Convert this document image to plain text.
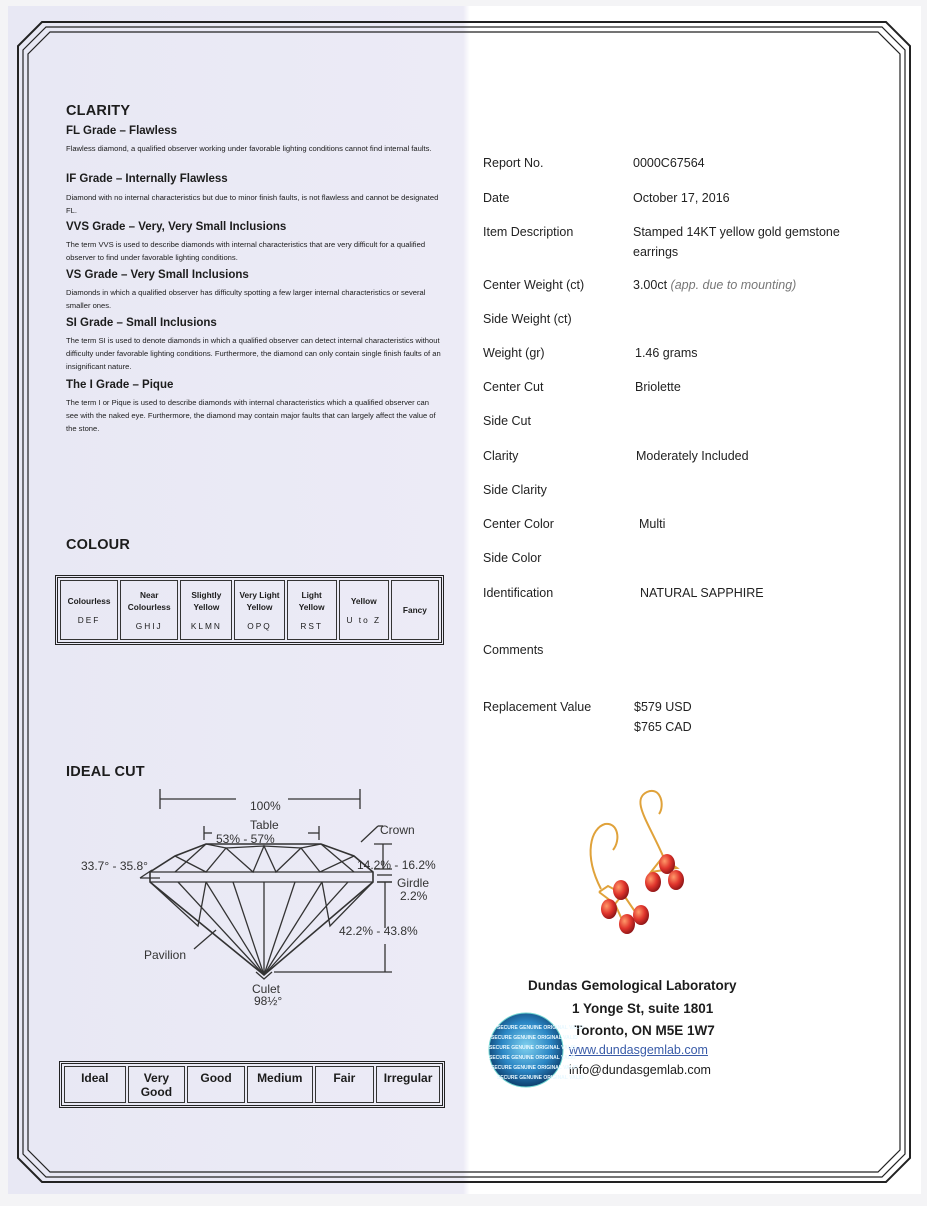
CLARITY
FL Grade – Flawless
Flawless diamond, a qualified observer working under favorable lighting conditions cannot find internal faults.
IF Grade – Internally Flawless
Diamond with no internal characteristics but due to minor finish faults, is not flawless and cannot be designated FL.
VVS Grade – Very, Very Small Inclusions
The term VVS is used to describe diamonds with internal characteristics that are very difficult for a qualified observer to find under favorable lighting conditions.
VS Grade – Very Small Inclusions
Diamonds in which a qualified observer has difficulty spotting a few larger internal characteristics or several smaller ones.
SI Grade – Small Inclusions
The term SI is used to denote diamonds in which a qualified observer can detect internal characteristics without difficulty under favorable lighting conditions. Furthermore, the diamond can only contain single finish faults of an insignificant nature.
The I Grade – Pique
The term I or Pique is used to describe diamonds with internal characteristics which a qualified observer can see with the naked eye. Furthermore, the diamond may contain major faults that can largely affect the value of the stone.
COLOUR
Colourless
DEF

Near Colourless
GHIJ

Slightly Yellow
KLMN

Very Light Yellow
OPQ

Light Yellow
RST

Yellow
U to Z

Fancy
IDEAL CUT
100%
Table
53% - 57%
Crown
33.7° - 35.8°	14.2% - 16.2%
Girdle
2.2%
42.2% - 43.8%
Pavilion
Culet
98½°
Ideal	Very Good	Good	Medium	Fair	Irregular
Report No.	0000C67564
Date	October 17, 2016
Item Description	Stamped 14KT yellow gold gemstone earrings
Center Weight (ct)	3.00ct (app. due to mounting)
Side Weight (ct)
Weight (gr)	1.46 grams
Center Cut	Briolette
Side Cut
Clarity	Moderately Included
Side Clarity
Center Color	Multi
Side Color
Identification	NATURAL SAPPHIRE
Comments
Replacement Value	$579 USD
$765 CAD
Dundas Gemological Laboratory
1 Yonge St, suite 1801
Toronto, ON M5E 1W7
www.dundasgemlab.com
info@dundasgemlab.com
SECURE GENUINE ORIGINAL VALID
SECURE GENUINE ORIGINAL VALID
SECURE GENUINE ORIGINAL VALID
SECURE GENUINE ORIGINAL VALID
SECURE GENUINE ORIGINAL VALID
SECURE GENUINE ORIGINAL VALID
